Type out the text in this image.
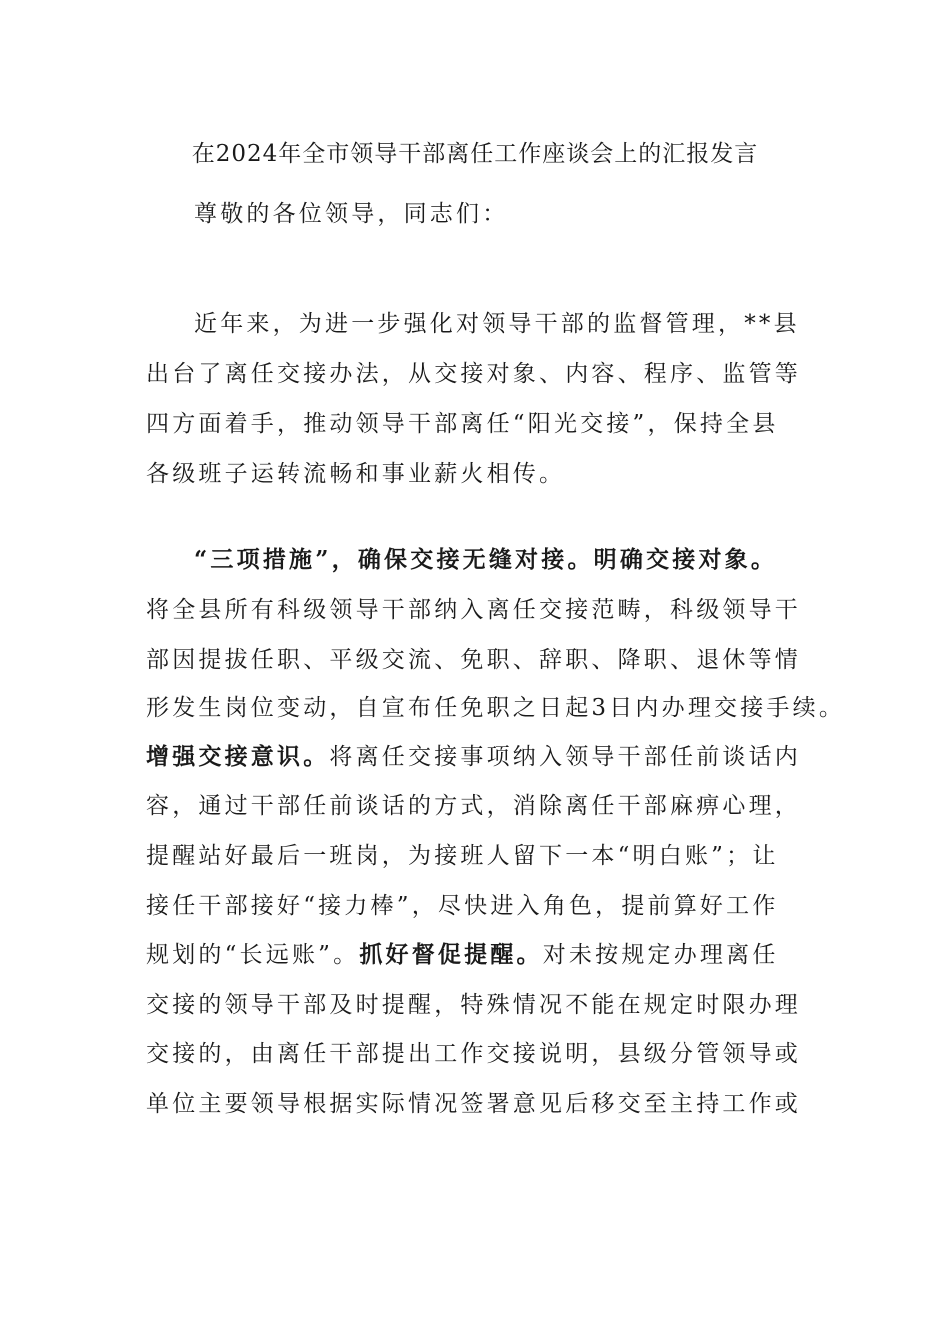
在2024年全市领导干部离任工作座谈会上的汇报发言
尊敬的各位领导，同志们：
近年来，为进一步强化对领导干部的监督管理，**县
出台了离任交接办法，从交接对象、内容、程序、监管等
四方面着手，推动领导干部离任“阳光交接”，保持全县
各级班子运转流畅和事业薪火相传。
“三项措施”，确保交接无缝对接。明确交接对象。
将全县所有科级领导干部纳入离任交接范畴，科级领导干
部因提拔任职、平级交流、免职、辞职、降职、退休等情
形发生岗位变动，自宣布任免职之日起3日内办理交接手续。
增强交接意识。将离任交接事项纳入领导干部任前谈话内
容，通过干部任前谈话的方式，消除离任干部麻痹心理，
提醒站好最后一班岗，为接班人留下一本“明白账”；让
接任干部接好“接力棒”，尽快进入角色，提前算好工作
规划的“长远账”。抓好督促提醒。对未按规定办理离任
交接的领导干部及时提醒，特殊情况不能在规定时限办理
交接的，由离任干部提出工作交接说明，县级分管领导或
单位主要领导根据实际情况签署意见后移交至主持工作或
